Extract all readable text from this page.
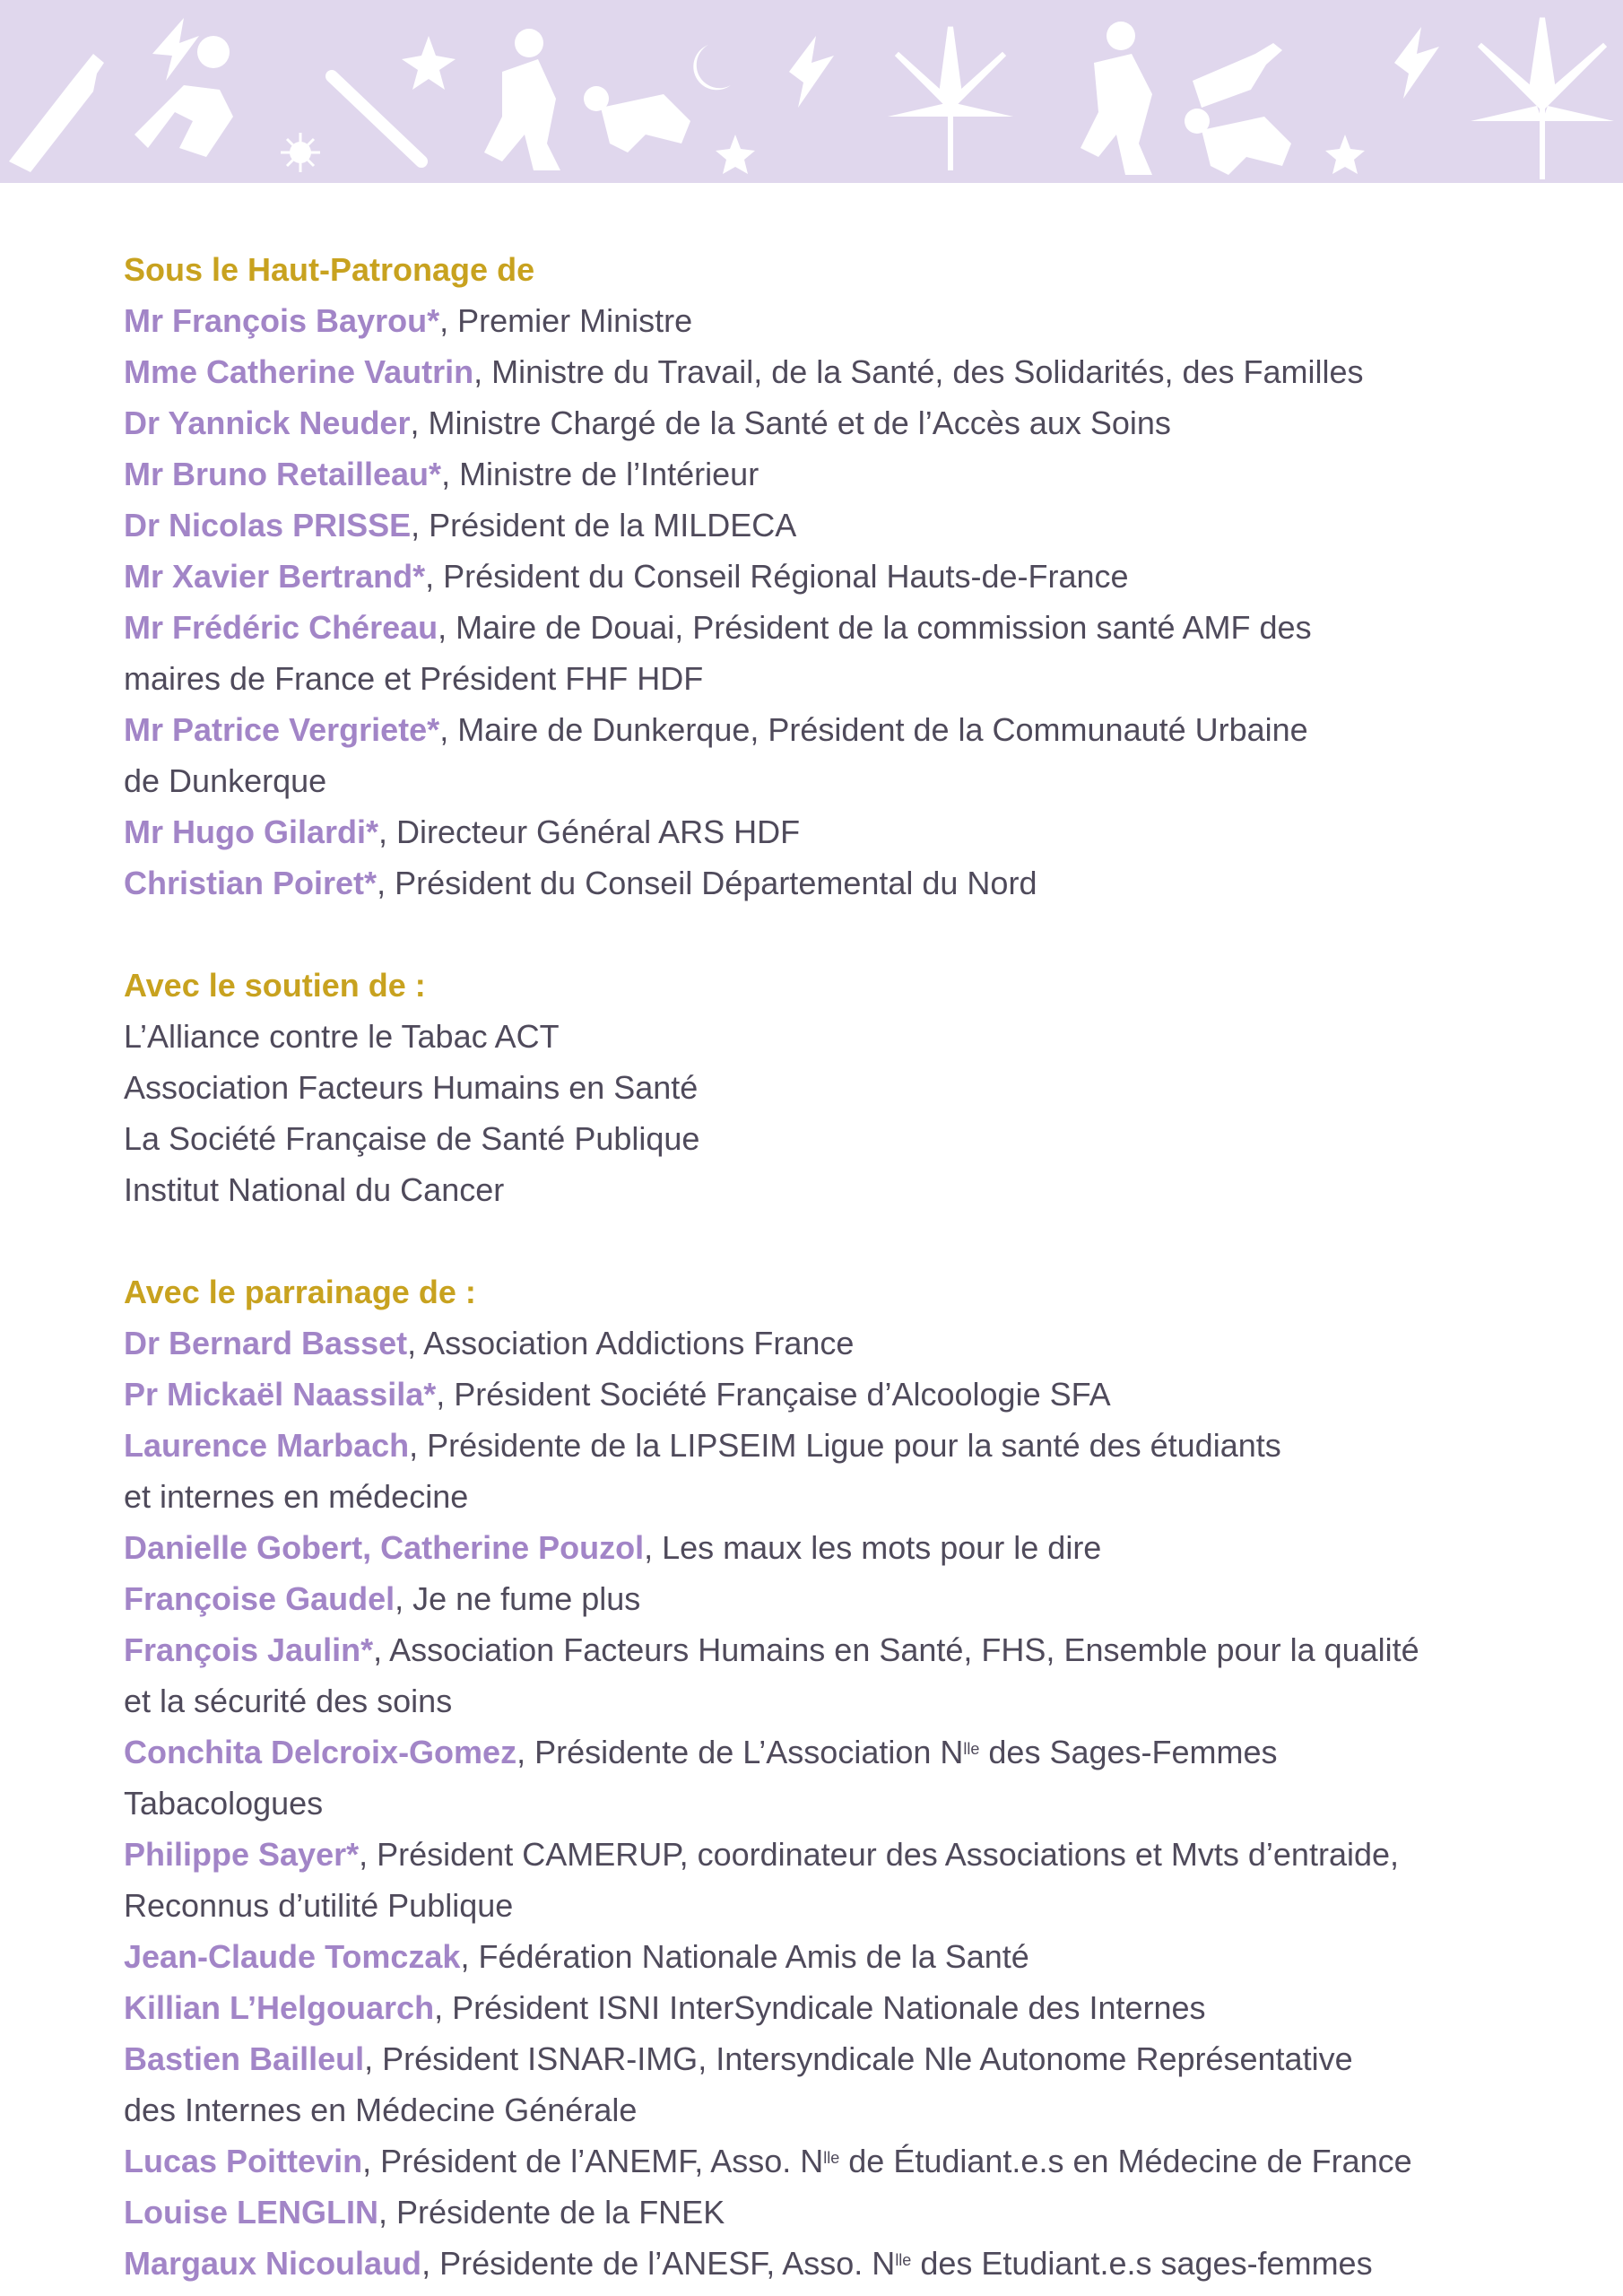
Sous le Haut-Patronage de
Mr François Bayrou*, Premier Ministre
Mme Catherine Vautrin, Ministre du Travail, de la Santé, des Solidarités, des Familles
Dr Yannick Neuder, Ministre Chargé de la Santé et de l’Accès aux Soins
Mr Bruno Retailleau*, Ministre de l’Intérieur
Dr Nicolas PRISSE, Président de la MILDECA
Mr Xavier Bertrand*, Président du Conseil Régional Hauts-de-France
Mr Frédéric Chéreau, Maire de Douai, Président de la commission santé AMF des
maires de France et Président FHF HDF
Mr Patrice Vergriete*, Maire de Dunkerque, Président de la Communauté Urbaine
de Dunkerque
Mr Hugo Gilardi*, Directeur Général ARS HDF
Christian Poiret*, Président du Conseil Départemental du Nord
Avec le soutien de :
L’Alliance contre le Tabac ACT
Association Facteurs Humains en Santé
La Société Française de Santé Publique
Institut National du Cancer
Avec le parrainage de :
Dr Bernard Basset, Association Addictions France
Pr Mickaël Naassila*, Président Société Française d’Alcoologie SFA
Laurence Marbach, Présidente de la LIPSEIM Ligue pour la santé des étudiants
et internes en médecine
Danielle Gobert, Catherine Pouzol, Les maux les mots pour le dire
Françoise Gaudel, Je ne fume plus
François Jaulin*, Association Facteurs Humains en Santé, FHS, Ensemble pour la qualité
et la sécurité des soins
Conchita Delcroix-Gomez, Présidente de L’Association $N^{lle}$ des Sages-Femmes
Tabacologues
Philippe Sayer*, Président CAMERUP, coordinateur des Associations et Mvts d’entraide,
Reconnus d’utilité Publique
Jean-Claude Tomczak, Fédération Nationale Amis de la Santé
Killian L’Helgouarch, Président ISNI InterSyndicale Nationale des Internes
Bastien Bailleul, Président ISNAR-IMG, Intersyndicale Nle Autonome Représentative
des Internes en Médecine Générale
Lucas Poittevin, Président de l’ANEMF, Asso. $N^{lle}$ de Étudiant.e.s en Médecine de France
Louise LENGLIN, Présidente de la FNEK
Margaux Nicoulaud, Présidente de l’ANESF, Asso. $N^{lle}$ des Etudiant.e.s sages-femmes
